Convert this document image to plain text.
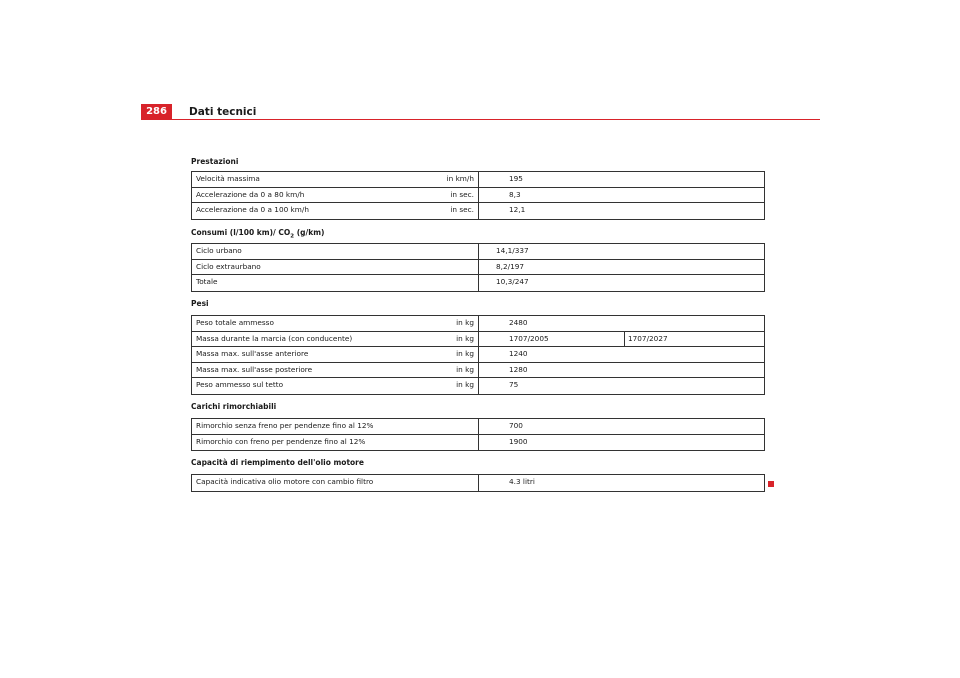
286	Dati tecnici
Prestazioni
Velocità massima	in km/h	195
Accelerazione da 0 a 80 km/h	in sec.	8,3
Accelerazione da 0 a 100 km/h	in sec.	12,1
Consumi (l/100 km)/ $CO_2$ (g/km)
Ciclo urbano	14,1/337
Ciclo extraurbano	8,2/197
Totale	10,3/247
Pesi
Peso totale ammesso	in kg	2480
Massa durante la marcia (con conducente)	in kg	1707/2005	1707/2027
Massa max. sull'asse anteriore	in kg	1240
Massa max. sull'asse posteriore	in kg	1280
Peso ammesso sul tetto	in kg	75
Carichi rimorchiabili
Rimorchio senza freno per pendenze fino al 12%	700
Rimorchio con freno per pendenze fino al 12%	1900
Capacità di riempimento dell'olio motore
Capacità indicativa olio motore con cambio filtro	4.3 litri
